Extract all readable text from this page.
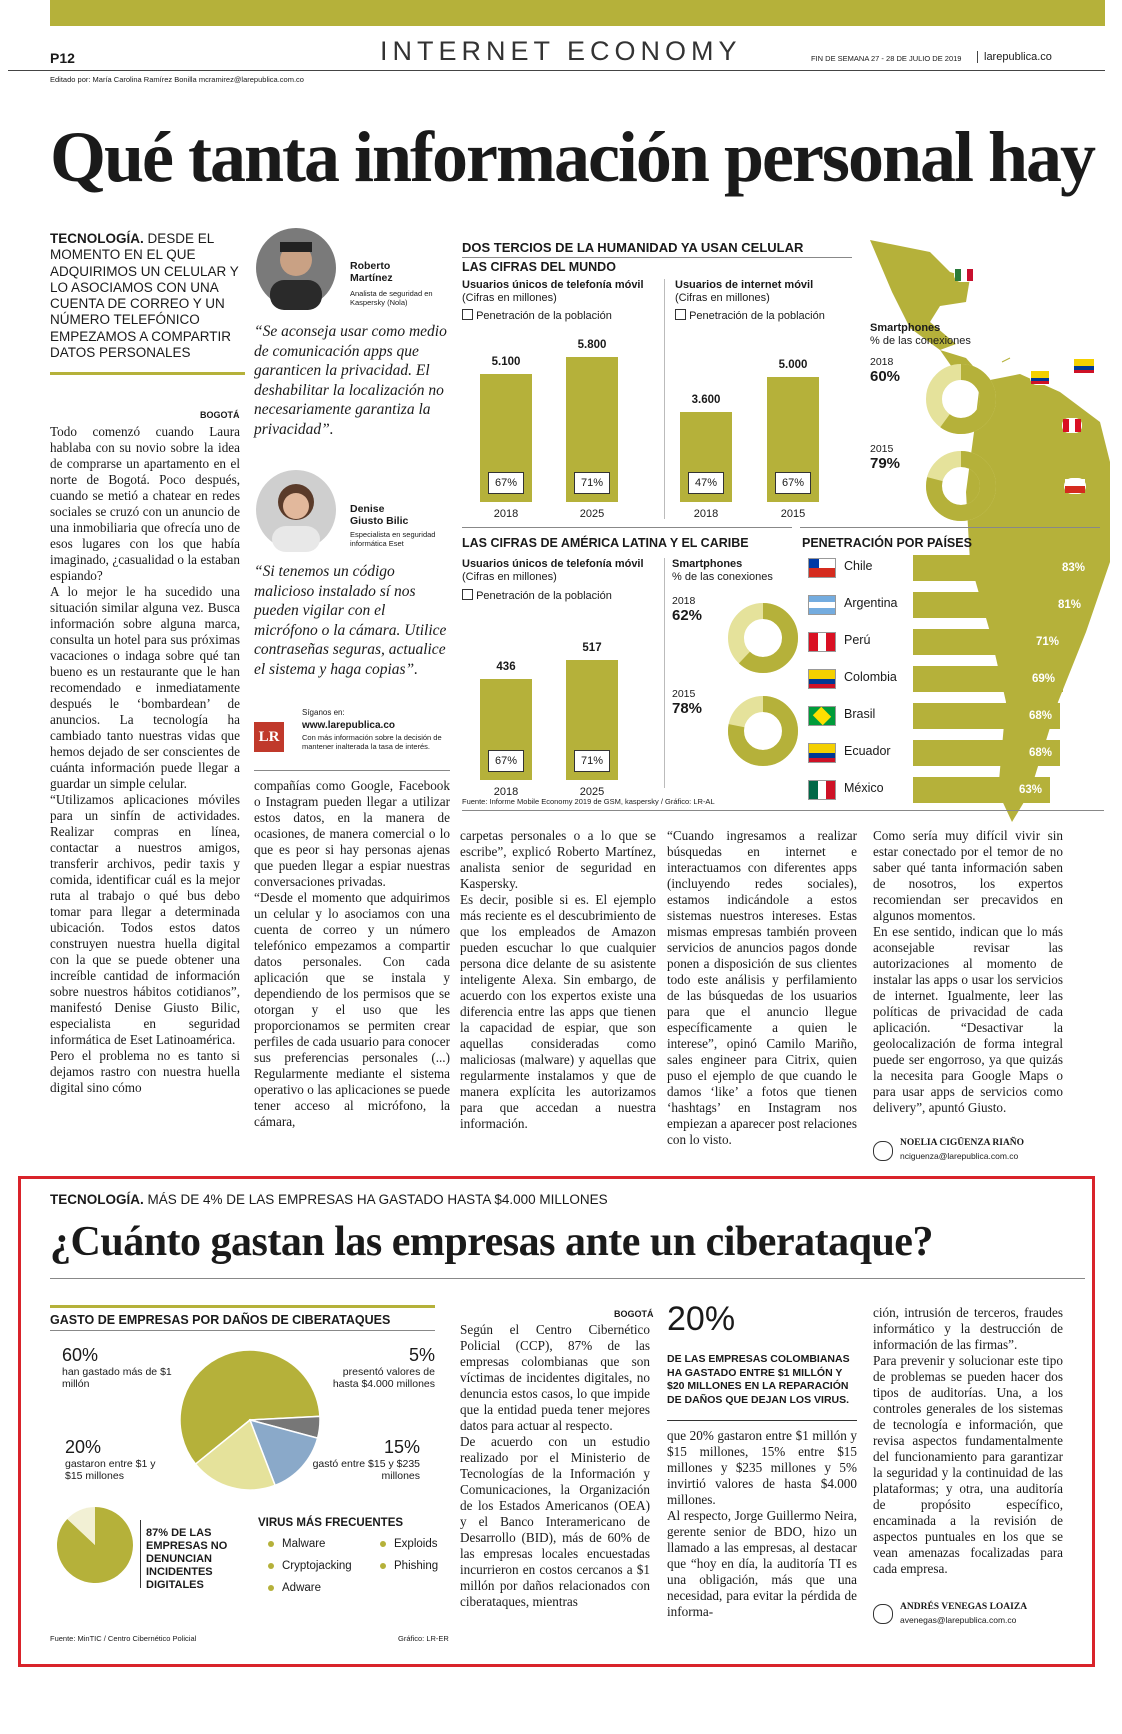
P12	INTERNET ECONOMY	FIN DE SEMANA 27 - 28 DE JULIO DE 2019	larepublica.co
Editado por: María Carolina Ramírez Bonilla mcramirez@larepublica.com.co
Qué tanta información personal hay
TECNOLOGÍA. DESDE EL MOMENTO EN EL QUE ADQUIRIMOS UN CELULAR Y LO ASOCIAMOS CON UNA CUENTA DE CORREO Y UN NÚMERO TELEFÓNICO EMPEZAMOS A COMPARTIR DATOS PERSONALES
BOGOTÁ
Todo comenzó cuando Laura hablaba con su novio sobre la idea de comprarse un apartamento en el norte de Bogotá. Poco después, cuando se metió a chatear en redes sociales se cruzó con un anuncio de una inmobiliaria que ofrecía uno de esos lugares con los que había imaginado, ¿casualidad o la estaban espiando?
A lo mejor le ha sucedido una situación similar alguna vez. Busca información sobre alguna marca, consulta un hotel para sus próximas vacaciones o indaga sobre qué tan bueno es un restaurante que le han recomendado e inmediatamente después le ‘bombardean’ de anuncios. La tecnología ha cambiado tanto nuestras vidas que hemos dejado de ser conscientes de cuánta información puede llegar a guardar un simple celular.
“Utilizamos aplicaciones móviles para un sinfín de actividades. Realizar compras en línea, contactar a nuestros amigos, transferir archivos, pedir taxis y comida, identificar cuál es la mejor ruta al trabajo o qué bus debo tomar para llegar a determinada ubicación. Todos estos datos construyen nuestra huella digital con la que se puede obtener una increíble cantidad de información sobre nuestros hábitos cotidianos”, manifestó Denise Giusto Bilic, especialista en seguridad informática de Eset Latinoamérica.
Pero el problema no es tanto si dejamos rastro con nuestra huella digital sino cómo
Roberto Martínez
Analista de seguridad en Kaspersky (Nola)
“Se aconseja usar como medio de comunicación apps que garanticen la privacidad. El deshabilitar la localización no necesariamente garantiza la privacidad”.
Denise Giusto Bilic
Especialista en seguridad informática Eset
“Si tenemos un código malicioso instalado sí nos pueden vigilar con el micrófono o la cámara. Utilice contraseñas seguras, actualice el sistema y haga copias”.
Síganos en:
LR
www.larepublica.co
Con más información sobre la decisión de mantener inalterada la tasa de interés.
compañías como Google, Facebook o Instagram pueden llegar a utilizar estos datos, en la manera de ocasiones, de manera comercial o lo que es peor si hay personas ajenas que pueden llegar a espiar nuestras conversaciones privadas.
“Desde el momento que adquirimos un celular y lo asociamos con una cuenta de correo y un número telefónico empezamos a compartir datos personales. Con cada aplicación que se instala y dependiendo de los permisos que se otorgan y el uso que les proporcionamos se permiten crear perfiles de cada usuario para conocer sus preferencias personales (...) Regularmente mediante el sistema operativo o las aplicaciones se puede tener acceso al micrófono, la cámara,
carpetas personales o a lo que se escribe”, explicó Roberto Martínez, analista senior de seguridad en Kaspersky.
Es decir, posible si es. El ejemplo más reciente es el descubrimiento de que los empleados de Amazon pueden escuchar lo que cualquier persona dice delante de su asistente inteligente Alexa. Sin embargo, de acuerdo con los expertos existe una diferencia entre las apps que tienen la capacidad de espiar, que son aquellas consideradas como maliciosas (malware) y aquellas que regularmente instalamos y que de manera explícita les autorizamos para que accedan a nuestra información.
“Cuando ingresamos a realizar búsquedas en internet e interactuamos con diferentes apps (incluyendo redes sociales), estamos indicándole a estos sistemas nuestros intereses. Estas mismas empresas también proveen servicios de anuncios pagos donde ponen a disposición de sus clientes todo este análisis y perfilamiento de las búsquedas de los usuarios para que el anuncio llegue específicamente a quien le interese”, opinó Camilo Mariño, sales engineer para Citrix, quien puso el ejemplo de que cuando le damos ‘like’ a fotos que tienen ‘hashtags’ en Instagram nos empiezan a aparecer post relaciones con lo visto.
Como sería muy difícil vivir sin estar conectado por el temor de no saber qué tanta información saben de nosotros, los expertos recomiendan ser precavidos en algunos momentos.
En ese sentido, indican que lo más aconsejable revisar las autorizaciones al momento de instalar las apps o usar los servicios de internet. Igualmente, leer las políticas de privacidad de cada aplicación. “Desactivar la geolocalización de forma integral puede ser engorroso, ya que quizás la necesita para Google Maps o para usar apps de servicios como delivery”, apuntó Giusto.
NOELIA CIGÜENZA RIAÑO
nciguenza@larepublica.com.co
DOS TERCIOS DE LA HUMANIDAD YA USAN CELULAR
LAS CIFRAS DEL MUNDO
Usuarios únicos de telefonía móvil
(Cifras en millones)
Penetración de la población
Usuarios de internet móvil
(Cifras en millones)
Penetración de la población
Smartphones
% de las conexiones
LAS CIFRAS DE AMÉRICA LATINA Y EL CARIBE
Usuarios únicos de telefonía móvil
(Cifras en millones)
Penetración de la población
Smartphones
% de las conexiones
PENETRACIÓN POR PAÍSES
Fuente: Informe Mobile Economy 2019 de GSM, kaspersky / Gráfico: LR-AL
TECNOLOGÍA. MÁS DE 4% DE LAS EMPRESAS HA GASTADO HASTA $4.000 MILLONES
¿Cuánto gastan las empresas ante un ciberataque?
GASTO DE EMPRESAS POR DAÑOS DE CIBERATAQUES
60%
han gastado más de $1 millón
5%
presentó valores de hasta $4.000 millones
20%
gastaron entre $1 y $15 millones
15%
gastó entre $15 y $235 millones
87% DE LAS EMPRESAS NO DENUNCIAN INCIDENTES DIGITALES
VIRUS MÁS FRECUENTES
Fuente: MinTIC / Centro Cibernético Policial	Gráfico: LR-ER
BOGOTÁ
Según el Centro Cibernético Policial (CCP), 87% de las empresas colombianas que son víctimas de incidentes digitales, no denuncia estos casos, lo que impide que la entidad pueda tener mejores datos para actuar al respecto.
De acuerdo con un estudio realizado por el Ministerio de Tecnologías de la Información y Comunicaciones, la Organización de los Estados Americanos (OEA) y el Banco Interamericano de Desarrollo (BID), más de 60% de las empresas locales encuestadas incurrieron en costos cercanos a $1 millón por daños relacionados con ciberataques, mientras
20%
DE LAS EMPRESAS COLOMBIANAS HA GASTADO ENTRE $1 MILLÓN Y $20 MILLONES EN LA REPARACIÓN DE DAÑOS QUE DEJAN LOS VIRUS.
que 20% gastaron entre $1 millón y $15 millones, 15% entre $15 millones y $235 millones y 5% invirtió valores de hasta $4.000 millones.
Al respecto, Jorge Guillermo Neira, gerente senior de BDO, hizo un llamado a las empresas, al destacar que “hoy en día, la auditoría TI es una obligación, más que una necesidad, para evitar la pérdida de informa-
ción, intrusión de terceros, fraudes informático y la destrucción de información de las firmas”.
Para prevenir y solucionar este tipo de problemas se pueden hacer dos tipos de auditorías. Una, a los controles generales de los sistemas de tecnología e información, que revisa aspectos fundamentalmente del funcionamiento para garantizar la seguridad y la continuidad de las plataformas; y otra, una auditoría de propósito específico, encaminada a la revisión de aspectos puntuales en los que se vean amenazas focalizadas para cada empresa.
ANDRÉS VENEGAS LOAIZA
avenegas@larepublica.com.co
5.100
67%
2018
5.800
71%
2025
3.600
47%
2018
5.000
67%
2015
436
67%
2018
517
71%
2025
2018
60%
2015
79%
2018
62%
2015
78%
Chile	83%
Argentina	81%
Perú	71%
Colombia	69%
Brasil	68%
Ecuador	68%
México	63%
Malware	Exploids
Cryptojacking	Phishing
Adware
